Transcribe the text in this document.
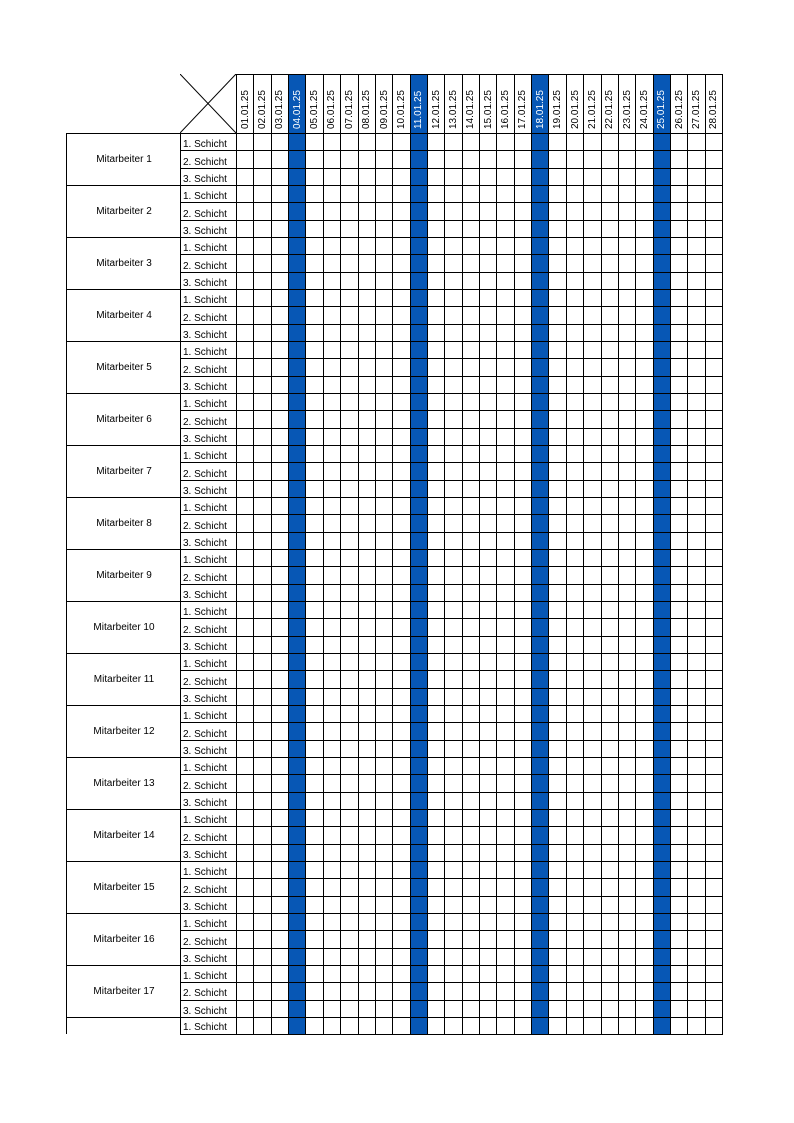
01.01.25 02.01.25 03.01.25 04.01.25 05.01.25 06.01.25 07.01.25 08.01.25 09.01.25 10.01.25 11.01.25 12.01.25 13.01.25 14.01.25 15.01.25 16.01.25 17.01.25 18.01.25 19.01.25 20.01.25 21.01.25 22.01.25 23.01.25 24.01.25 25.01.25 26.01.25 27.01.25 28.01.25
Mitarbeiter 1
1. Schicht
2. Schicht
3. Schicht
Mitarbeiter 2
1. Schicht
2. Schicht
3. Schicht
Mitarbeiter 3
1. Schicht
2. Schicht
3. Schicht
Mitarbeiter 4
1. Schicht
2. Schicht
3. Schicht
Mitarbeiter 5
1. Schicht
2. Schicht
3. Schicht
Mitarbeiter 6
1. Schicht
2. Schicht
3. Schicht
Mitarbeiter 7
1. Schicht
2. Schicht
3. Schicht
Mitarbeiter 8
1. Schicht
2. Schicht
3. Schicht
Mitarbeiter 9
1. Schicht
2. Schicht
3. Schicht
Mitarbeiter 10
1. Schicht
2. Schicht
3. Schicht
Mitarbeiter 11
1. Schicht
2. Schicht
3. Schicht
Mitarbeiter 12
1. Schicht
2. Schicht
3. Schicht
Mitarbeiter 13
1. Schicht
2. Schicht
3. Schicht
Mitarbeiter 14
1. Schicht
2. Schicht
3. Schicht
Mitarbeiter 15
1. Schicht
2. Schicht
3. Schicht
Mitarbeiter 16
1. Schicht
2. Schicht
3. Schicht
Mitarbeiter 17
1. Schicht
2. Schicht
3. Schicht
1. Schicht
